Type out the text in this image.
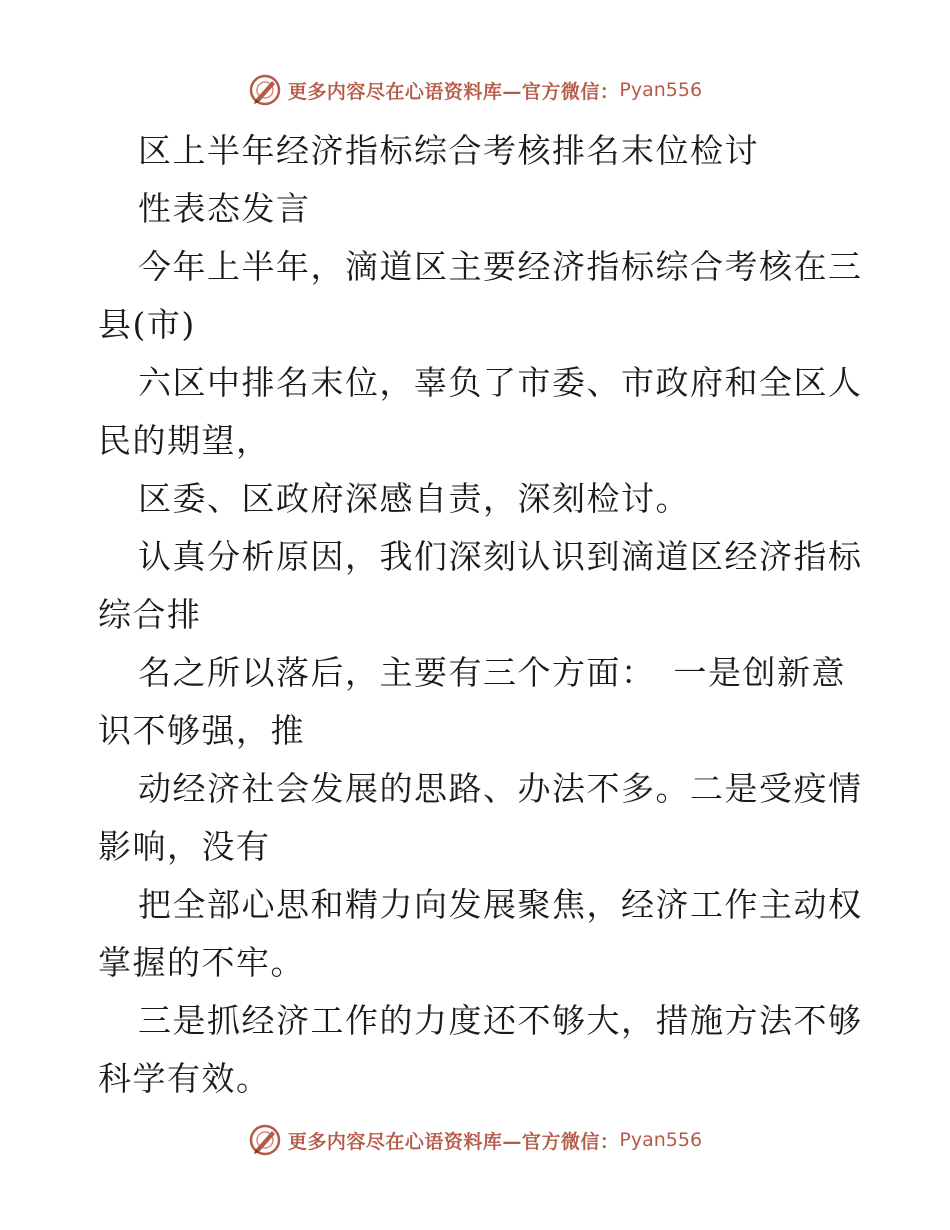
更多内容尽在心语资料库—官方微信： Pyan556
区上半年经济指标综合考核排名末位检讨
性表态发言
今年上半年，滴道区主要经济指标综合考核在三
县(市)
六区中排名末位，辜负了市委、市政府和全区人
民的期望，
区委、区政府深感自责，深刻检讨。
认真分析原因，我们深刻认识到滴道区经济指标
综合排
名之所以落后，主要有三个方面：　一是创新意
识不够强，推
动经济社会发展的思路、办法不多。二是受疫情
影响，没有
把全部心思和精力向发展聚焦，经济工作主动权
掌握的不牢。
三是抓经济工作的力度还不够大，措施方法不够
科学有效。
更多内容尽在心语资料库—官方微信： Pyan556
